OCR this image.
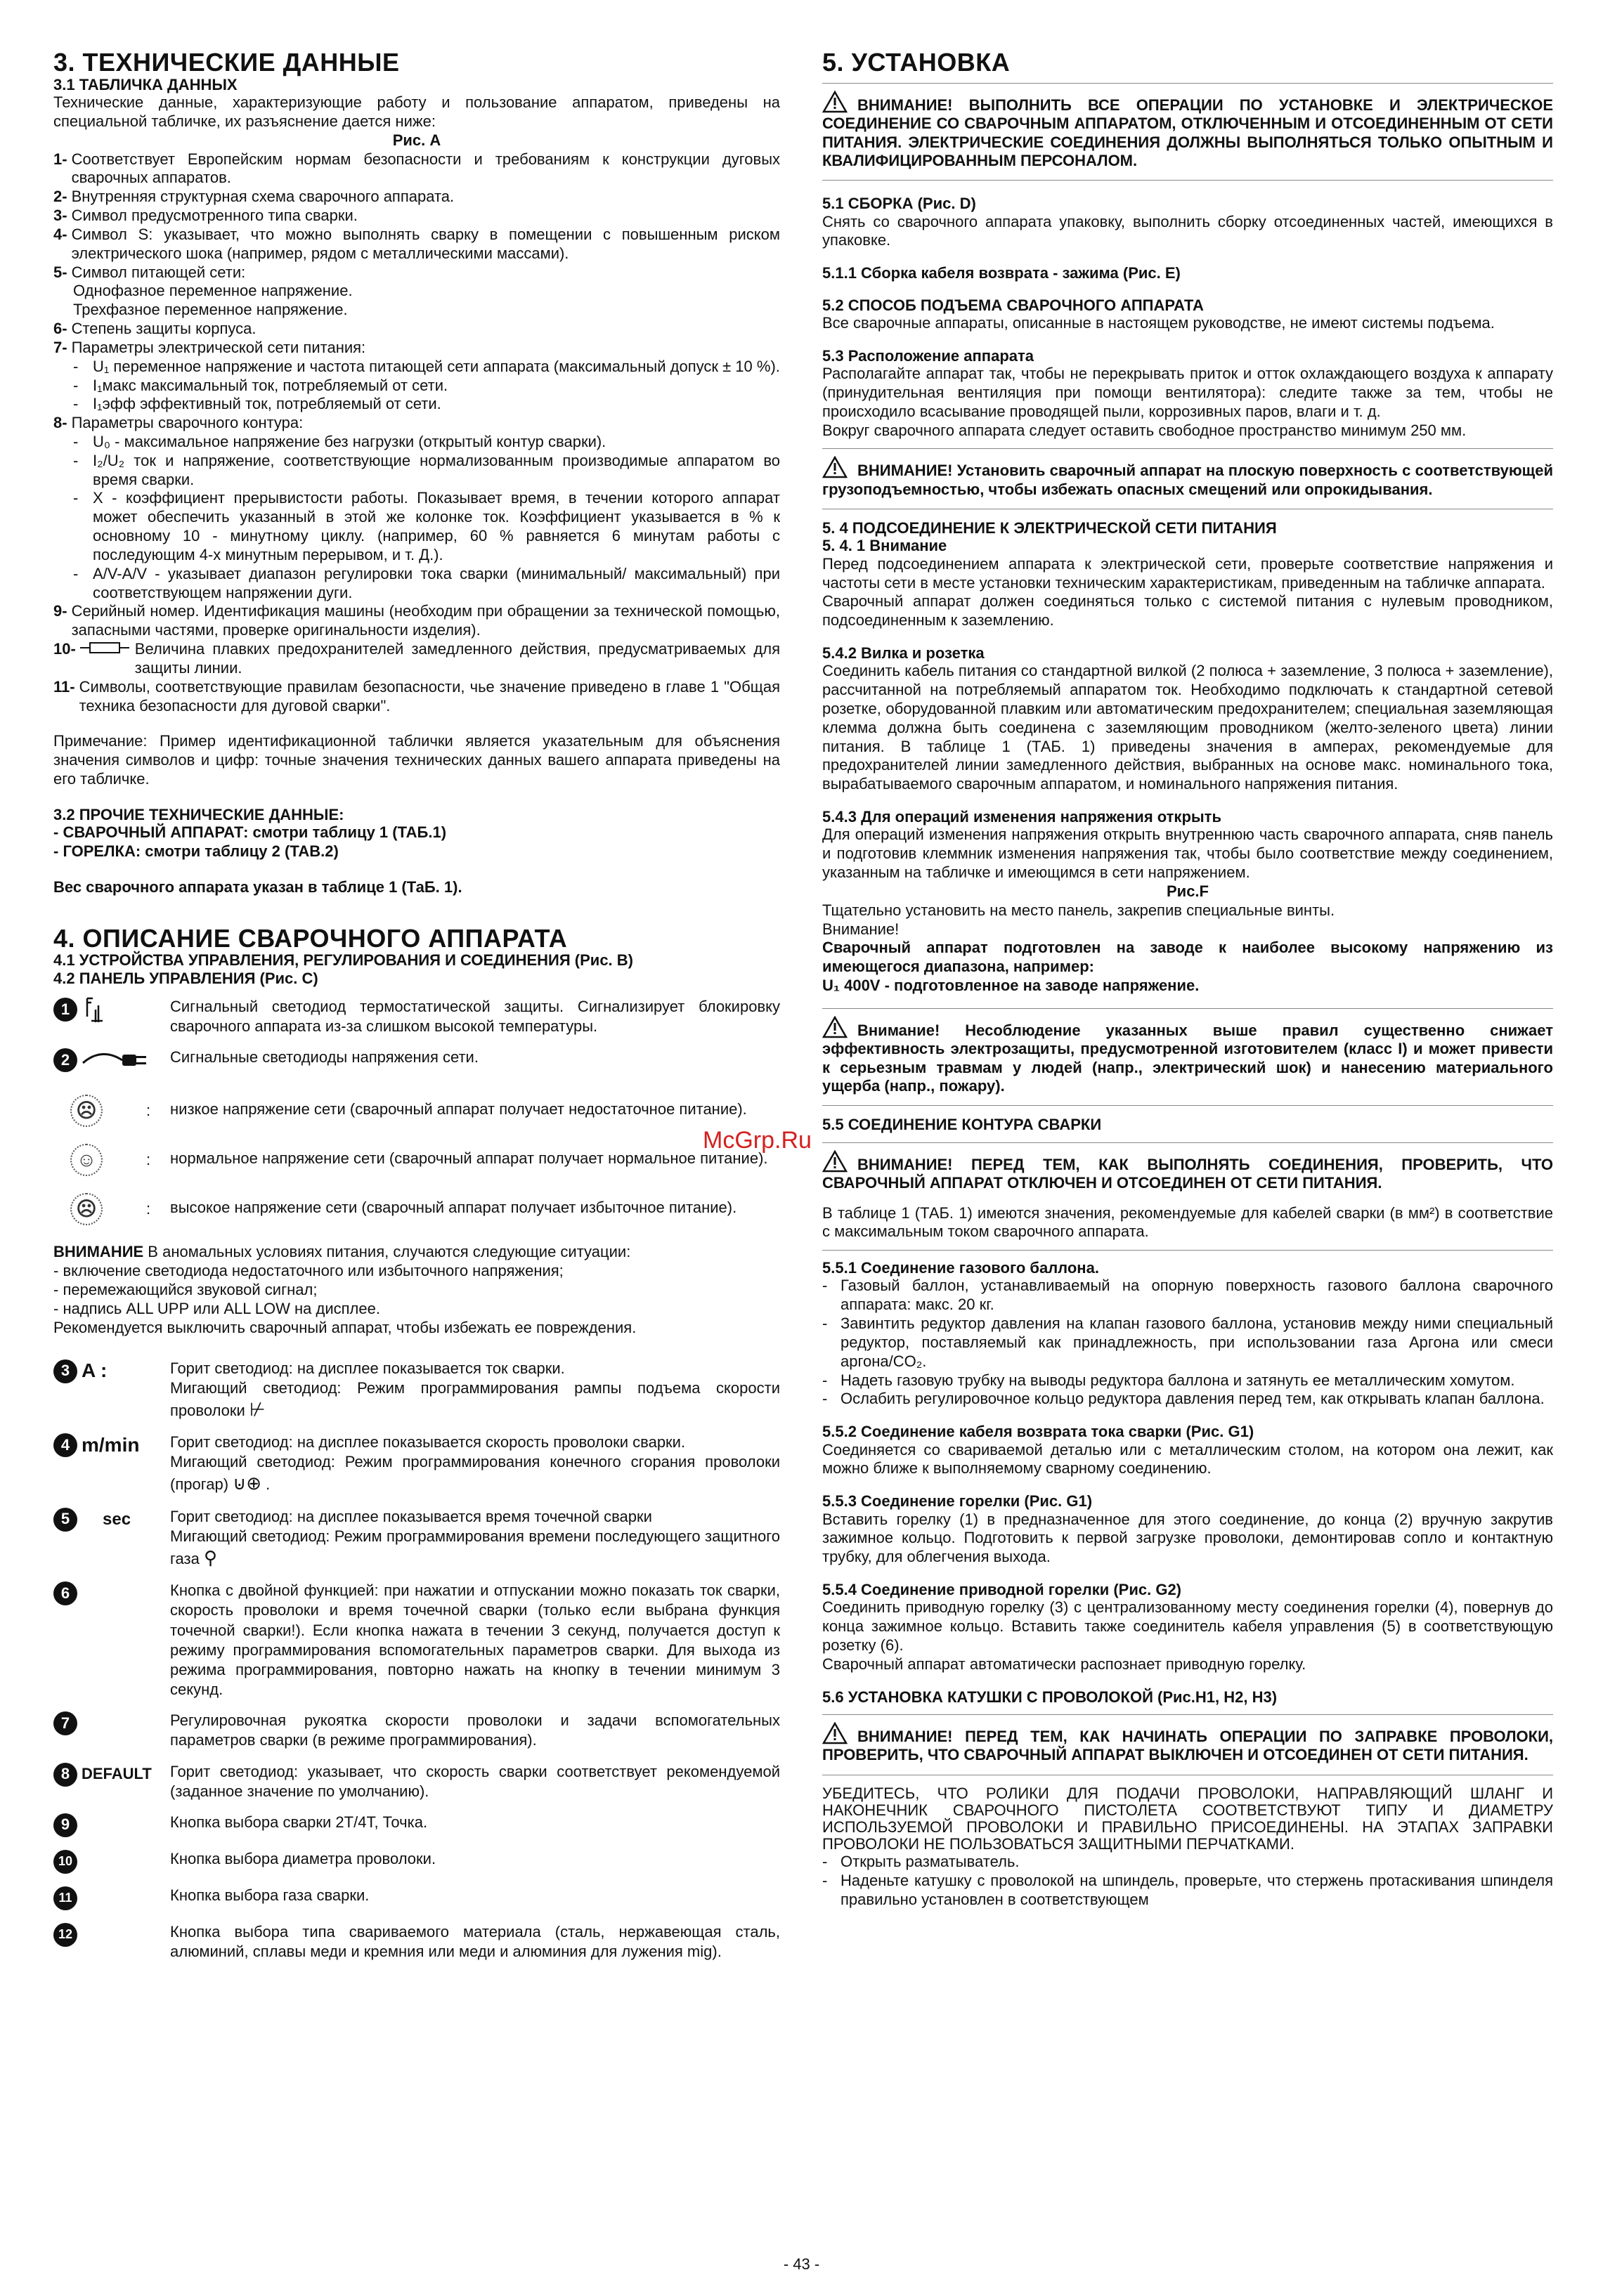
3. ТЕХНИЧЕСКИЕ ДАННЫЕ
3.1 ТАБЛИЧКА ДАННЫХ

Технические данные, характеризующие работу и пользование аппаратом, приведены на специальной табличке, их разъяснение дается ниже:

Рис. А
1- Соответствует Европейским нормам безопасности и требованиям к конструкции дуговых сварочных аппаратов.
2- Внутренняя структурная схема сварочного аппарата.
3- Символ предусмотренного типа сварки.
4- Символ S: указывает, что можно выполнять сварку в помещении с повышенным риском электрического шока (например, рядом с металлическими массами).
5- Символ питающей сети:
Однофазное переменное напряжение.
Трехфазное переменное напряжение.
6- Степень защиты корпуса.
7- Параметры электрической сети питания:
- U₁ переменное напряжение и частота питающей сети аппарата (максимальный допуск ± 10 %).
- I₁макс максимальный ток, потребляемый от сети.
- I₁эфф эффективный ток, потребляемый от сети.
8- Параметры сварочного контура:
- U₀ - максимальное напряжение без нагрузки (открытый контур сварки).
- I₂/U₂ ток и напряжение, соответствующие нормализованным производимые аппаратом во время сварки.
- X - коэффициент прерывистости работы. Показывает время, в течении которого аппарат может обеспечить указанный в этой же колонке ток. Коэффициент указывается в % к основному 10 - минутному циклу. (например, 60 % равняется 6 минутам работы с последующим 4-х минутным перерывом, и т. Д.).
- A/V-A/V - указывает диапазон регулировки тока сварки (минимальный/ максимальный) при соответствующем напряжении дуги.
9- Серийный номер. Идентификация машины (необходим при обращении за технической помощью, запасными частями, проверке оригинальности изделия).
10-	Величина плавких предохранителей замедленного действия, предусматриваемых для защиты линии.
11- Символы, соответствующие правилам безопасности, чье значение приведено в главе 1 "Общая техника безопасности для дуговой сварки".

Примечание: Пример идентификационной таблички является указательным для объяснения значения символов и цифр: точные значения технических данных вашего аппарата приведены на его табличке.

3.2 ПРОЧИЕ ТЕХНИЧЕСКИЕ ДАННЫЕ:
- СВАРОЧНЫЙ АППАРАТ: смотри таблицу 1 (ТАБ.1)
- ГОРЕЛКА: смотри таблицу 2 (ТАВ.2)
Вес сварочного аппарата указан в таблице 1 (ТаБ. 1).
4. ОПИСАНИЕ СВАРОЧНОГО АППАРАТА
4.1 УСТРОЙСТВА УПРАВЛЕНИЯ, РЕГУЛИРОВАНИЯ И СОЕДИНЕНИЯ (Рис. В)
4.2 ПАНЕЛЬ УПРАВЛЕНИЯ (Рис. С)
1	Сигнальный светодиод термостатической защиты. Сигнализирует блокировку сварочного аппарата из-за слишком высокой температуры.
2	Сигнальные светодиоды напряжения сети.
☹	: низкое напряжение сети (сварочный аппарат получает недостаточное питание).
☺	: нормальное напряжение сети (сварочный аппарат получает нормальное питание).
☹	: высокое напряжение сети (сварочный аппарат получает избыточное питание).
ВНИМАНИЕ В аномальных условиях питания, случаются следующие ситуации:
- включение светодиода недостаточного или избыточного напряжения;
- перемежающийся звуковой сигнал;
- надпись ALL UPP или ALL LOW на дисплее.
Рекомендуется выключить сварочный аппарат, чтобы избежать ее повреждения.
3 A :	Горит светодиод: на дисплее показывается ток сварки.
Мигающий светодиод: Режим программирования рампы подъема скорости проволоки ⊬
4 m/min Горит светодиод: на дисплее показывается скорость проволоки сварки.
Мигающий светодиод: Режим программирования конечного сгорания проволоки (прогар) ⊍⊕ .
5	sec	Горит светодиод: на дисплее показывается время точечной сварки
Мигающий светодиод: Режим программирования времени последующего защитного газа ⚲
6	Кнопка с двойной функцией: при нажатии и отпускании можно показать ток сварки, скорость проволоки и время точечной сварки (только если выбрана функция точечной сварки!). Если кнопка нажата в течении 3 секунд, получается доступ к режиму программирования вспомогательных параметров сварки. Для выхода из режима программирования, повторно нажать на кнопку в течении минимум 3 секунд.
7	Регулировочная рукоятка скорости проволоки и задачи вспомогательных параметров сварки (в режиме программирования).
8 DEFAULT Горит светодиод: указывает, что скорость сварки соответствует рекомендуемой (заданное значение по умолчанию).
9	Кнопка выбора сварки 2T/4T, Точка.
10	Кнопка выбора диаметра проволоки.
11	Кнопка выбора газа сварки.
12	Кнопка выбора типа свариваемого материала (сталь, нержавеющая сталь, алюминий, сплавы меди и кремния или меди и алюминия для лужения mig).
5. УСТАНОВКА
ВНИМАНИЕ! ВЫПОЛНИТЬ ВСЕ ОПЕРАЦИИ ПО УСТАНОВКЕ И ЭЛЕКТРИЧЕСКОЕ СОЕДИНЕНИЕ СО СВАРОЧНЫМ АППАРАТОМ, ОТКЛЮЧЕННЫМ И ОТСОЕДИНЕННЫМ ОТ СЕТИ ПИТАНИЯ. ЭЛЕКТРИЧЕСКИЕ СОЕДИНЕНИЯ ДОЛЖНЫ ВЫПОЛНЯТЬСЯ ТОЛЬКО ОПЫТНЫМ И КВАЛИФИЦИРОВАННЫМ ПЕРСОНАЛОМ.
5.1 СБОРКА (Рис. D)

Снять со сварочного аппарата упаковку, выполнить сборку отсоединенных частей, имеющихся в упаковке.

5.1.1 Сборка кабеля возврата - зажима (Рис. E)
5.2 СПОСОБ ПОДЪЕМА СВАРОЧНОГО АППАРАТА

Все сварочные аппараты, описанные в настоящем руководстве, не имеют системы подъема.

5.3 Расположение аппарата

Располагайте аппарат так, чтобы не перекрывать приток и отток охлаждающего воздуха к аппарату (принудительная вентиляция при помощи вентилятора): следите также за тем, чтобы не происходило всасывание проводящей пыли, коррозивных паров, влаги и т. д.

Вокруг сварочного аппарата следует оставить свободное пространство минимум 250 мм.

ВНИМАНИЕ! Установить сварочный аппарат на плоскую поверхность с соответствующей грузоподъемностью, чтобы избежать опасных смещений или опрокидывания.
5. 4 ПОДСОЕДИНЕНИЕ К ЭЛЕКТРИЧЕСКОЙ СЕТИ ПИТАНИЯ
5. 4. 1 Внимание

Перед подсоединением аппарата к электрической сети, проверьте соответствие напряжения и частоты сети в месте установки техническим характеристикам, приведенным на табличке аппарата.

Сварочный аппарат должен соединяться только с системой питания с нулевым проводником, подсоединенным к заземлению.

5.4.2 Вилка и розетка

Соединить кабель питания со стандартной вилкой (2 полюса + заземление, 3 полюса + заземление), рассчитанной на потребляемый аппаратом ток. Необходимо подключать к стандартной сетевой розетке, оборудованной плавким или автоматическим предохранителем; специальная заземляющая клемма должна быть соединена с заземляющим проводником (желто-зеленого цвета) линии питания. В таблице 1 (ТАБ. 1) приведены значения в амперах, рекомендуемые для предохранителей линии замедленного действия, выбранных на основе макс. номинального тока, вырабатываемого сварочным аппаратом, и номинального напряжения питания.

5.4.3 Для операций изменения напряжения открыть

Для операций изменения напряжения открыть внутреннюю часть сварочного аппарата, сняв панель и подготовив клеммник изменения напряжения так, чтобы было соответствие между соединением, указанным на табличке и имеющимся в сети напряжением.

Рис.F

Тщательно установить на место панель, закрепив специальные винты.

Внимание!

Сварочный аппарат подготовлен на заводе к наиболее высокому напряжению из имеющегося диапазона, например:

U₁ 400V - подготовленное на заводе напряжение.

Внимание! Несоблюдение указанных выше правил существенно снижает эффективность электрозащиты, предусмотренной изготовителем (класс I) и может привести к серьезным травмам у людей (напр., электрический шок) и нанесению материального ущерба (напр., пожару).
5.5 СОЕДИНЕНИЕ КОНТУРА СВАРКИ
ВНИМАНИЕ! ПЕРЕД ТЕМ, КАК ВЫПОЛНЯТЬ СОЕДИНЕНИЯ, ПРОВЕРИТЬ, ЧТО СВАРОЧНЫЙ АППАРАТ ОТКЛЮЧЕН И ОТСОЕДИНЕН ОТ СЕТИ ПИТАНИЯ.

В таблице 1 (ТАБ. 1) имеются значения, рекомендуемые для кабелей сварки (в мм²) в соответствие с максимальным током сварочного аппарата.

5.5.1 Соединение газового баллона.
- Газовый баллон, устанавливаемый на опорную поверхность газового баллона сварочного аппарата: макс. 20 кг.
- Завинтить редуктор давления на клапан газового баллона, установив между ними специальный редуктор, поставляемый как принадлежность, при использовании газа Аргона или смеси аргона/CO₂.
- Надеть газовую трубку на выводы редуктора баллона и затянуть ее металлическим хомутом.
- Ослабить регулировочное кольцо редуктора давления перед тем, как открывать клапан баллона.
5.5.2 Соединение кабеля возврата тока сварки (Рис. G1)

Соединяется со свариваемой деталью или с металлическим столом, на котором она лежит, как можно ближе к выполняемому сварному соединению.

5.5.3 Соединение горелки (Рис. G1)

Вставить горелку (1) в предназначенное для этого соединение, до конца (2) вручную закрутив зажимное кольцо. Подготовить к первой загрузке проволоки, демонтировав сопло и контактную трубку, для облегчения выхода.

5.5.4 Соединение приводной горелки (Рис. G2)

Соединить приводную горелку (3) с централизованному месту соединения горелки (4), повернув до конца зажимное кольцо. Вставить также соединитель кабеля управления (5) в соответствующую розетку (6).

Сварочный аппарат автоматически распознает приводную горелку.

5.6 УСТАНОВКА КАТУШКИ С ПРОВОЛОКОЙ (Рис.H1, H2, H3)
ВНИМАНИЕ! ПЕРЕД ТЕМ, КАК НАЧИНАТЬ ОПЕРАЦИИ ПО ЗАПРАВКЕ ПРОВОЛОКИ, ПРОВЕРИТЬ, ЧТО СВАРОЧНЫЙ АППАРАТ ВЫКЛЮЧЕН И ОТСОЕДИНЕН ОТ СЕТИ ПИТАНИЯ.

УБЕДИТЕСЬ, ЧТО РОЛИКИ ДЛЯ ПОДАЧИ ПРОВОЛОКИ, НАПРАВЛЯЮЩИЙ ШЛАНГ И НАКОНЕЧНИК СВАРОЧНОГО ПИСТОЛЕТА СООТВЕТСТВУЮТ ТИПУ И ДИАМЕТРУ ИСПОЛЬЗУЕМОЙ ПРОВОЛОКИ И ПРАВИЛЬНО ПРИСОЕДИНЕНЫ. НА ЭТАПАХ ЗАПРАВКИ ПРОВОЛОКИ НЕ ПОЛЬЗОВАТЬСЯ ЗАЩИТНЫМИ ПЕРЧАТКАМИ.

- Открыть разматыватель.
- Наденьте катушку с проволокой на шпиндель, проверьте, что стержень протаскивания шпинделя правильно установлен в соответствующем
McGrp.Ru
- 43 -
